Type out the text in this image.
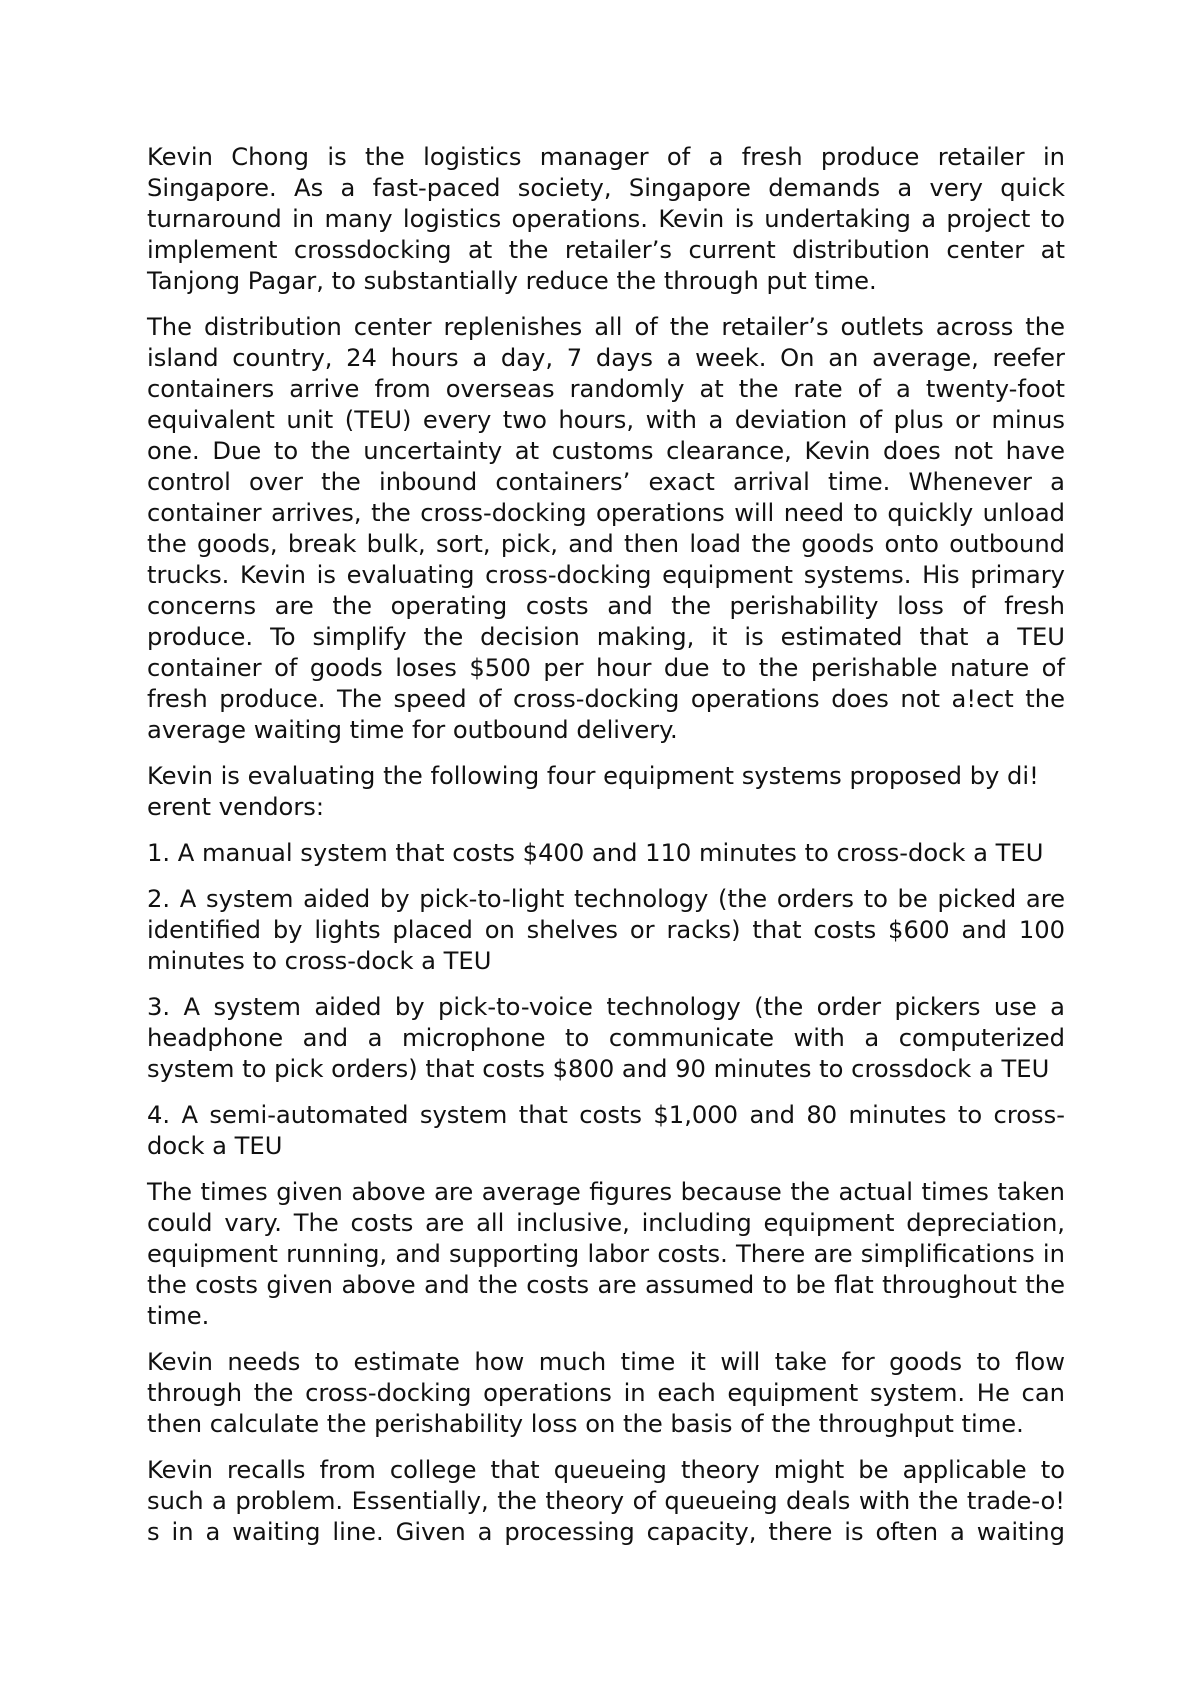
Kevin Chong is the logistics manager of a fresh produce retailer in Singapore. As a fast-paced society, Singapore demands a very quick turnaround in many logistics operations. Kevin is undertaking a project to implement crossdocking at the retailer’s current distribution center at Tanjong Pagar, to substantially reduce the through put time.

The distribution center replenishes all of the retailer’s outlets across the island country, 24 hours a day, 7 days a week. On an average, reefer containers arrive from overseas randomly at the rate of a twenty-foot equivalent unit (TEU) every two hours, with a deviation of plus or minus one. Due to the uncertainty at customs clearance, Kevin does not have control over the inbound containers’ exact arrival time. Whenever a container arrives, the cross-docking operations will need to quickly unload the goods, break bulk, sort, pick, and then load the goods onto outbound trucks. Kevin is evaluating cross-docking equipment systems. His primary concerns are the operating costs and the perishability loss of fresh produce. To simplify the decision making, it is estimated that a TEU container of goods loses $500 per hour due to the perishable nature of fresh produce. The speed of cross-docking operations does not a!ect the average waiting time for outbound delivery.

Kevin is evaluating the following four equipment systems proposed by di! erent vendors:

1. A manual system that costs $400 and 110 minutes to cross-dock a TEU

2. A system aided by pick-to-light technology (the orders to be picked are identified by lights placed on shelves or racks) that costs $600 and 100 minutes to cross-dock a TEU

3. A system aided by pick-to-voice technology (the order pickers use a headphone and a microphone to communicate with a computerized system to pick orders) that costs $800 and 90 minutes to crossdock a TEU

4. A semi-automated system that costs $1,000 and 80 minutes to cross-dock a TEU

The times given above are average figures because the actual times taken could vary. The costs are all inclusive, including equipment depreciation, equipment running, and supporting labor costs. There are simplifications in the costs given above and the costs are assumed to be flat throughout the time.

Kevin needs to estimate how much time it will take for goods to flow through the cross-docking operations in each equipment system. He can then calculate the perishability loss on the basis of the throughput time.

Kevin recalls from college that queueing theory might be applicable to such a problem. Essentially, the theory of queueing deals with the trade-o! s in a waiting line. Given a processing capacity, there is often a waiting
